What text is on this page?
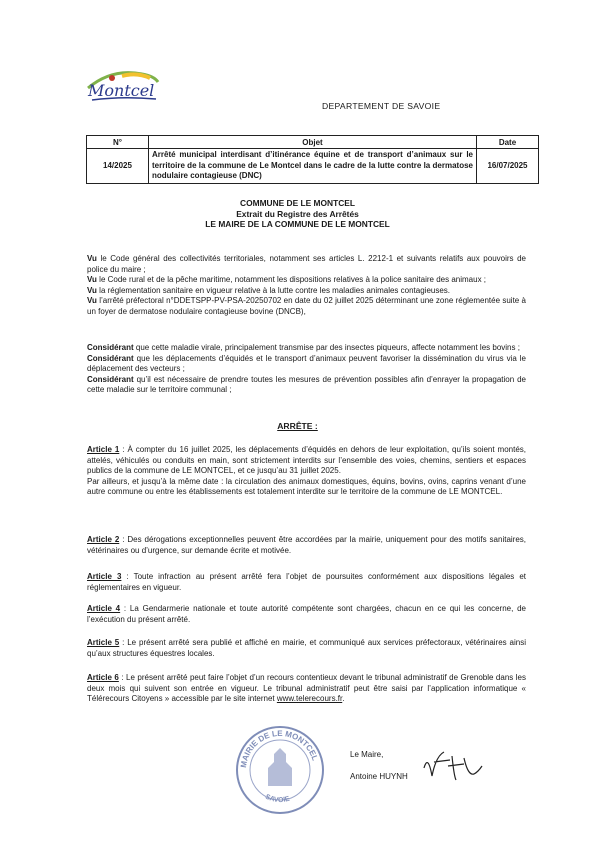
Montcel
DEPARTEMENT DE SAVOIE
N°	Objet	Date
14/2025	Arrêté municipal interdisant d’itinérance équine et de transport d’animaux sur le territoire de la commune de Le Montcel dans le cadre de la lutte contre la dermatose nodulaire contagieuse (DNC)	16/07/2025
COMMUNE DE LE MONTCEL
Extrait du Registre des Arrêtés
LE MAIRE DE LA COMMUNE DE LE MONTCEL

Vu le Code général des collectivités territoriales, notamment ses articles L. 2212-1 et suivants relatifs aux pouvoirs de police du maire ;

Vu le Code rural et de la pêche maritime, notamment les dispositions relatives à la police sanitaire des animaux ;

Vu la réglementation sanitaire en vigueur relative à la lutte contre les maladies animales contagieuses.

Vu l’arrêté préfectoral n°DDETSPP-PV-PSA-20250702 en date du 02 juillet 2025 déterminant une zone réglementée suite à un foyer de dermatose nodulaire contagieuse bovine (DNCB),

Considérant que cette maladie virale, principalement transmise par des insectes piqueurs, affecte notamment les bovins ;

Considérant que les déplacements d’équidés et le transport d’animaux peuvent favoriser la dissémination du virus via le déplacement des vecteurs ;

Considérant qu’il est nécessaire de prendre toutes les mesures de prévention possibles afin d’enrayer la propagation de cette maladie sur le territoire communal ;

ARRÊTE :

Article 1 : À compter du 16 juillet 2025, les déplacements d’équidés en dehors de leur exploitation, qu’ils soient montés, attelés, véhiculés ou conduits en main, sont strictement interdits sur l’ensemble des voies, chemins, sentiers et espaces publics de la commune de LE MONTCEL, et ce jusqu’au 31 juillet 2025.

Par ailleurs, et jusqu’à la même date : la circulation des animaux domestiques, équins, bovins, ovins, caprins venant d’une autre commune ou entre les établissements est totalement interdite sur le territoire de la commune de LE MONTCEL.

Article 2 : Des dérogations exceptionnelles peuvent être accordées par la mairie, uniquement pour des motifs sanitaires, vétérinaires ou d’urgence, sur demande écrite et motivée.

Article 3 : Toute infraction au présent arrêté fera l’objet de poursuites conformément aux dispositions légales et réglementaires en vigueur.

Article 4 : La Gendarmerie nationale et toute autorité compétente sont chargées, chacun en ce qui les concerne, de l’exécution du présent arrêté.

Article 5 : Le présent arrêté sera publié et affiché en mairie, et communiqué aux services préfectoraux, vétérinaires ainsi qu’aux structures équestres locales.

Article 6 : Le présent arrêté peut faire l’objet d’un recours contentieux devant le tribunal administratif de Grenoble dans les deux mois qui suivent son entrée en vigueur. Le tribunal administratif peut être saisi par l’application informatique « Télérecours Citoyens » accessible par le site internet www.telerecours.fr.

MAIRIE DE LE MONTCEL
SAVOIE
Le Maire,
Antoine HUYNH
